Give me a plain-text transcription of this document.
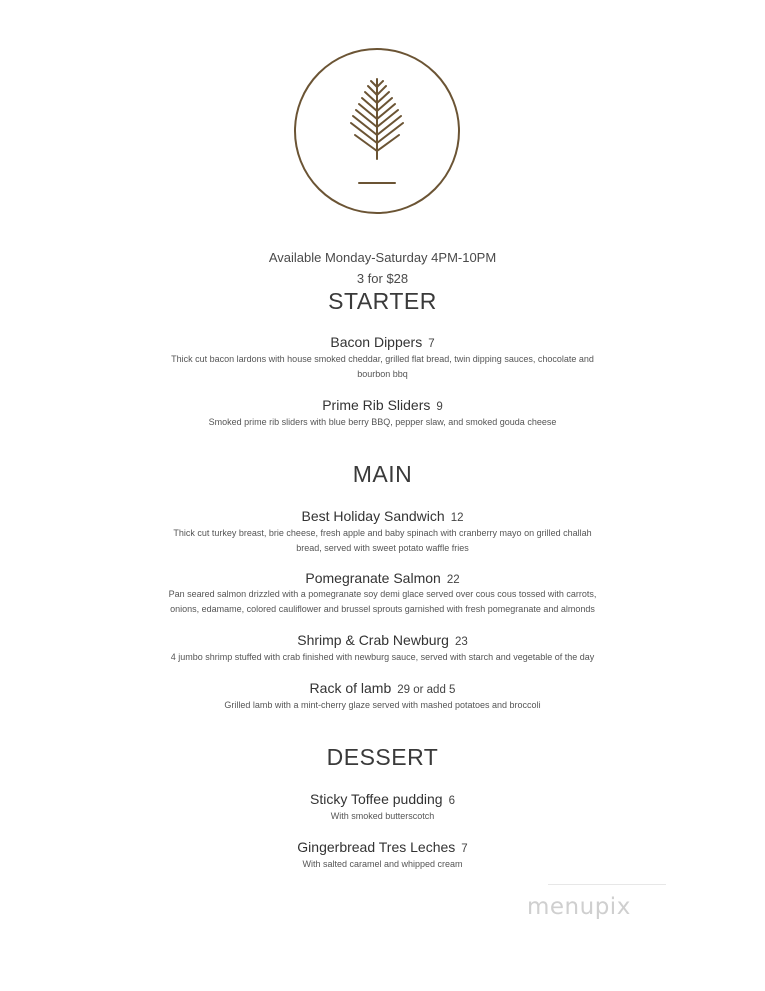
Available Monday-Saturday 4PM-10PM
3 for $28
STARTER
Bacon Dippers 7
Thick cut bacon lardons with house smoked cheddar, grilled flat bread, twin dipping sauces, chocolate and
bourbon bbq
Prime Rib Sliders 9
Smoked prime rib sliders with blue berry BBQ, pepper slaw, and smoked gouda cheese
MAIN
Best Holiday Sandwich 12
Thick cut turkey breast, brie cheese, fresh apple and baby spinach with cranberry mayo on grilled challah
bread, served with sweet potato waffle fries
Pomegranate Salmon 22
Pan seared salmon drizzled with a pomegranate soy demi glace served over cous cous tossed with carrots,
onions, edamame, colored cauliflower and brussel sprouts garnished with fresh pomegranate and almonds
Shrimp & Crab Newburg 23
4 jumbo shrimp stuffed with crab finished with newburg sauce, served with starch and vegetable of the day
Rack of lamb 29 or add 5
Grilled lamb with a mint-cherry glaze served with mashed potatoes and broccoli
DESSERT
Sticky Toffee pudding 6
With smoked butterscotch
Gingerbread Tres Leches 7
With salted caramel and whipped cream
menupix
